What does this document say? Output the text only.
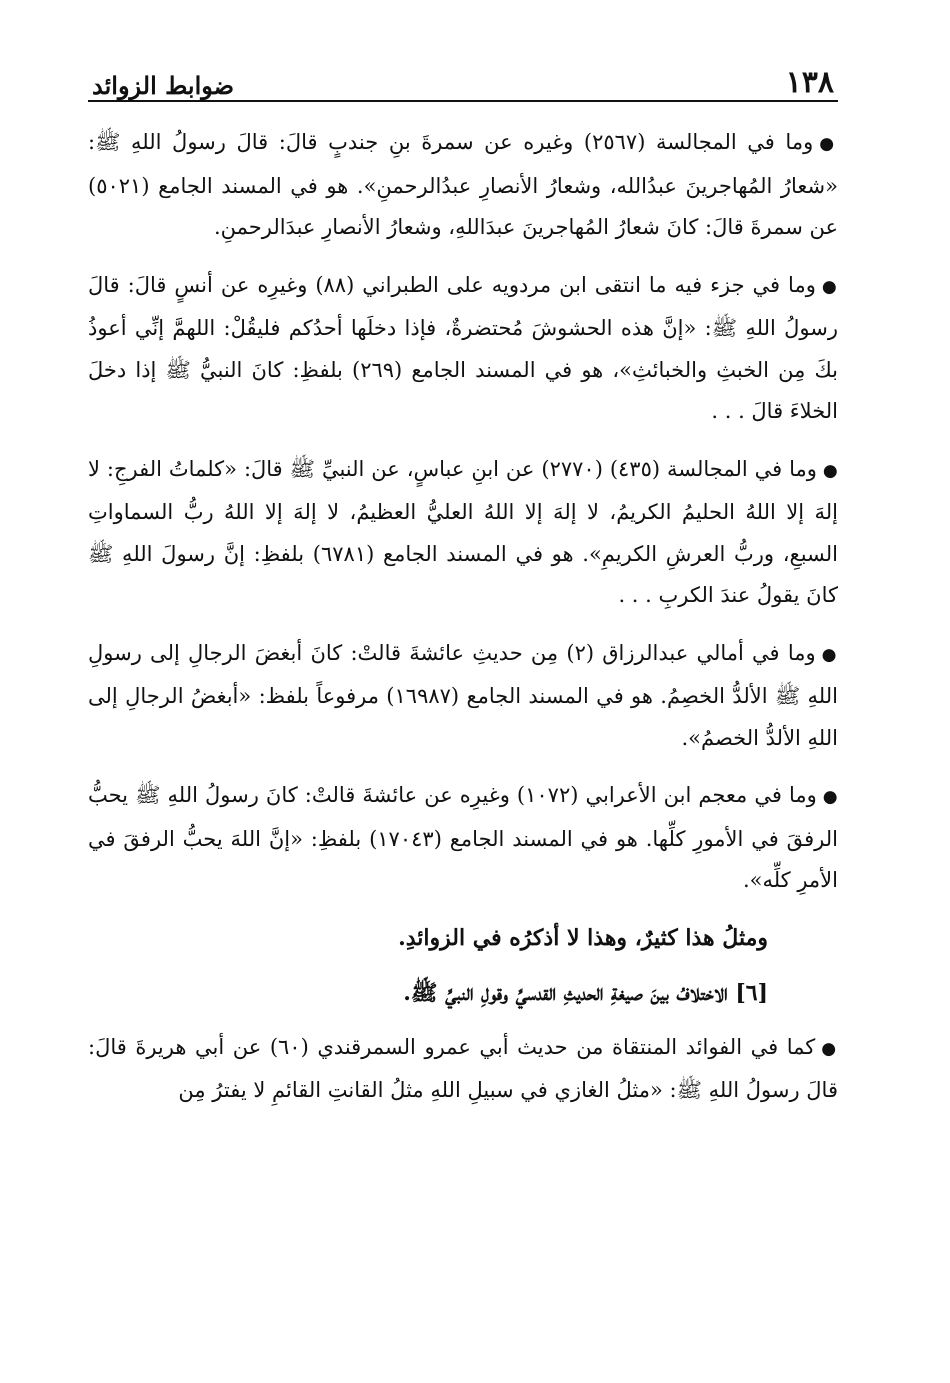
١٣٨
ضوابط الزوائد

●وما في المجالسة (٢٥٦٧) وغيره عن سمرةَ بنِ جندبٍ قالَ: قالَ رسولُ اللهِ ﷺ: «شعارُ المُهاجرينَ عبدُالله، وشعارُ الأنصارِ عبدُالرحمنِ». هو في المسند الجامع (٥٠٢١) عن سمرةَ قالَ: كانَ شعارُ المُهاجرينَ عبدَاللهِ، وشعارُ الأنصارِ عبدَالرحمنِ.

●وما في جزء فيه ما انتقى ابن مردويه على الطبراني (٨٨) وغيرِه عن أنسٍ قالَ: قالَ رسولُ اللهِ ﷺ: «إنَّ هذه الحشوشَ مُحتضرةٌ، فإذا دخلَها أحدُكم فليقُلْ: اللهمَّ إنِّي أعوذُ بكَ مِن الخبثِ والخبائثِ»، هو في المسند الجامع (٢٦٩) بلفظِ: كانَ النبيُّ ﷺ إذا دخلَ الخلاءَ قالَ . . .

●وما في المجالسة (٤٣٥) (٢٧٧٠) عن ابنِ عباسٍ، عن النبيِّ ﷺ قالَ: «كلماتُ الفرجِ: لا إلهَ إلا اللهُ الحليمُ الكريمُ، لا إلهَ إلا اللهُ العليُّ العظيمُ، لا إلهَ إلا اللهُ ربُّ السماواتِ السبعِ، وربُّ العرشِ الكريمِ». هو في المسند الجامع (٦٧٨١) بلفظِ: إنَّ رسولَ اللهِ ﷺ كانَ يقولُ عندَ الكربِ . . .

●وما في أمالي عبدالرزاق (٢) مِن حديثِ عائشةَ قالتْ: كانَ أبغضَ الرجالِ إلى رسولِ اللهِ ﷺ الألدُّ الخصِمُ. هو في المسند الجامع (١٦٩٨٧) مرفوعاً بلفظ: «أبغضُ الرجالِ إلى اللهِ الألدُّ الخصمُ».

●وما في معجم ابن الأعرابي (١٠٧٢) وغيرِه عن عائشةَ قالتْ: كانَ رسولُ اللهِ ﷺ يحبُّ الرفقَ في الأمورِ كلِّها. هو في المسند الجامع (١٧٠٤٣) بلفظِ: «إنَّ اللهَ يحبُّ الرفقَ في الأمرِ كلِّه».

ومثلُ هذا كثيرٌ، وهذا لا أذكرُه في الزوائدِ.

[٦] الاختلافُ بينَ صيغةِ الحديثِ القدسيِّ وقولِ النبيِّ ﷺ.

●كما في الفوائد المنتقاة من حديث أبي عمرو السمرقندي (٦٠) عن أبي هريرةَ قالَ: قالَ رسولُ اللهِ ﷺ: «مثلُ الغازي في سبيلِ اللهِ مثلُ القانتِ القائمِ لا يفترُ مِن
